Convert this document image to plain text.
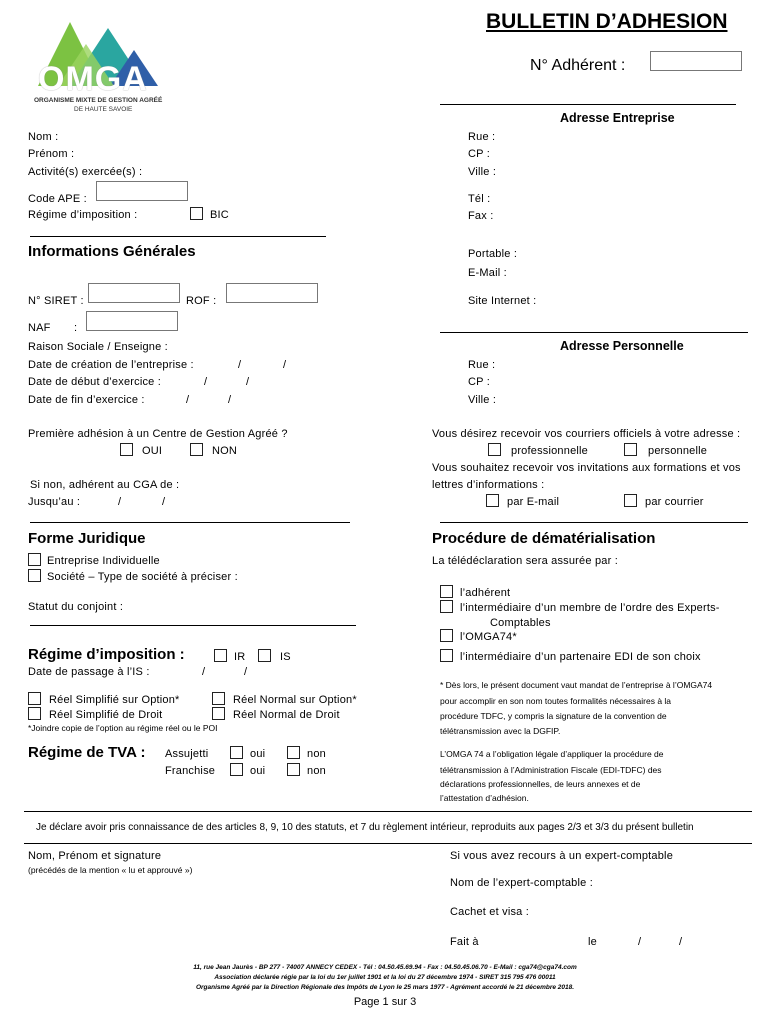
74
OMGA
ORGANISME MIXTE DE GESTION AGRÉÉ
DE HAUTE SAVOIE
BULLETIN D’ADHESION
N° Adhérent :
Adresse Entreprise
Rue :
CP :
Ville :
Tél :
Fax :
Portable :
E-Mail :
Site Internet :
Nom :
Prénom :
Activité(s) exercée(s) :
Code APE :
Régime d’imposition :	BIC
Informations Générales
N° SIRET :	ROF :
NAF :
Raison Sociale / Enseigne :
Date de création de l’entreprise :	/	/
Date de début d’exercice :	/	/
Date de fin d’exercice :	/	/
Adresse Personnelle
Rue :
CP :
Ville :
Première adhésion à un Centre de Gestion Agréé ?
OUI	NON
Si non, adhérent au CGA de :
Jusqu’au :	/	/
Vous désirez recevoir vos courriers officiels à votre adresse :
professionnelle	personnelle
Vous souhaitez recevoir vos invitations aux formations et vos
lettres d’informations :
par E-mail	par courrier
Forme Juridique
Entreprise Individuelle
Société – Type de société à préciser :
Statut du conjoint :
Procédure de dématérialisation
La télédéclaration sera assurée par :
l’adhérent
l’intermédiaire d’un membre de l’ordre des Experts-
Comptables
l’OMGA74*
l’intermédiaire d’un partenaire EDI de son choix
* Dès lors, le présent document vaut mandat de l’entreprise à l’OMGA74
pour accomplir en son nom toutes formalités nécessaires à la
procédure TDFC, y compris la signature de la convention de
télétransmission avec la DGFIP.
L’OMGA 74 a l’obligation légale d’appliquer la procédure de
télétransmission à l’Administration Fiscale (EDI-TDFC) des
déclarations professionnelles, de leurs annexes et de
l’attestation d’adhésion.
Régime d’imposition :	IR	IS
Date de passage à l’IS :	/	/
Réel Simplifié sur Option*	Réel Normal sur Option*
Réel Simplifié de Droit	Réel Normal de Droit
*Joindre copie de l’option au régime réel ou le POI
Régime de TVA : Assujetti	oui	non
Franchise	oui	non
Je déclare avoir pris connaissance de des articles 8, 9, 10 des statuts, et 7 du règlement intérieur, reproduits aux pages 2/3 et 3/3 du présent bulletin
Nom, Prénom et signature
(précédés de la mention « lu et approuvé »)
Si vous avez recours à un expert-comptable
Nom de l’expert-comptable :
Cachet et visa :
Fait à	le	/	/
11, rue Jean Jaurès - BP 277 - 74007 ANNECY CEDEX - Tél : 04.50.45.69.94 - Fax : 04.50.45.06.70 - E-Mail : cga74@cga74.com
Association déclarée régie par la loi du 1er juillet 1901 et la loi du 27 décembre 1974 - SIRET 315 795 476 00011
Organisme Agréé par la Direction Régionale des Impôts de Lyon le 25 mars 1977 - Agrément accordé le 21 décembre 2018.
Page 1 sur 3
